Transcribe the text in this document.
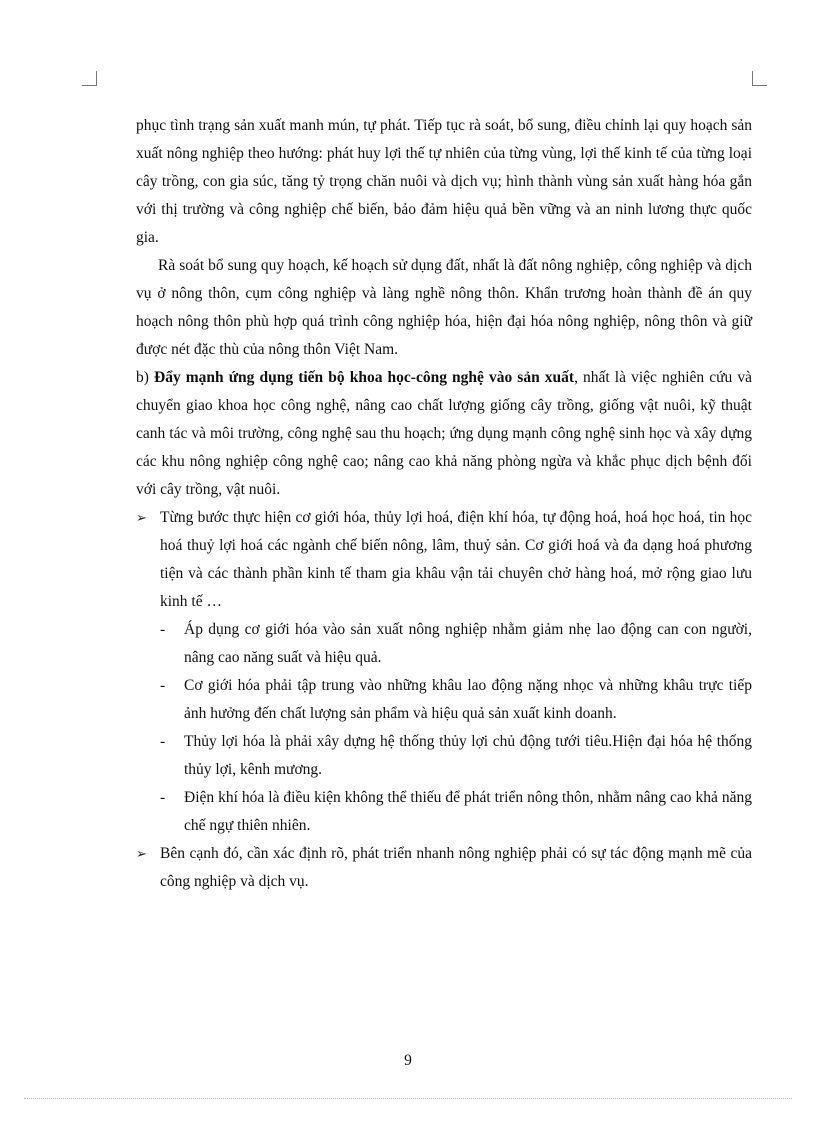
phục tình trạng sản xuất manh mún, tự phát. Tiếp tục rà soát, bổ sung, điều chỉnh lại quy hoạch sản xuất nông nghiệp theo hướng: phát huy lợi thế tự nhiên của từng vùng, lợi thế kinh tế của từng loại cây trồng, con gia súc, tăng tỷ trọng chăn nuôi và dịch vụ; hình thành vùng sản xuất hàng hóa gắn với thị trường và công nghiệp chế biến, bảo đảm hiệu quả bền vững và an ninh lương thực quốc gia.

Rà soát bổ sung quy hoạch, kế hoạch sử dụng đất, nhất là đất nông nghiệp, công nghiệp và dịch vụ ở nông thôn, cụm công nghiệp và làng nghề nông thôn. Khẩn trương hoàn thành đề án quy hoạch nông thôn phù hợp quá trình công nghiệp hóa, hiện đại hóa nông nghiệp, nông thôn và giữ được nét đặc thù của nông thôn Việt Nam.

b) Đẩy mạnh ứng dụng tiến bộ khoa học-công nghệ vào sản xuất, nhất là việc nghiên cứu và chuyển giao khoa học công nghệ, nâng cao chất lượng giống cây trồng, giống vật nuôi, kỹ thuật canh tác và môi trường, công nghệ sau thu hoạch; ứng dụng mạnh công nghệ sinh học và xây dựng các khu nông nghiệp công nghệ cao; nâng cao khả năng phòng ngừa và khắc phục dịch bệnh đối với cây trồng, vật nuôi.

➢ Từng bước thực hiện cơ giới hóa, thủy lợi hoá, điện khí hóa, tự động hoá, hoá học hoá, tin học hoá thuỷ lợi hoá các ngành chế biến nông, lâm, thuỷ sản. Cơ giới hoá và đa dạng hoá phương tiện và các thành phần kinh tế tham gia khâu vận tải chuyên chở hàng hoá, mở rộng giao lưu kinh tế …
-	Áp dụng cơ giới hóa vào sản xuất nông nghiệp nhằm giảm nhẹ lao động can con người, nâng cao năng suất và hiệu quả.
-	Cơ giới hóa phải tập trung vào những khâu lao động nặng nhọc và những khâu trực tiếp ảnh hưởng đến chất lượng sản phẩm và hiệu quả sản xuất kinh doanh.
-	Thủy lợi hóa là phải xây dựng hệ thống thủy lợi chủ động tưới tiêu.Hiện đại hóa hệ thống thủy lợi, kênh mương.
-	Điện khí hóa là điều kiện không thể thiếu để phát triển nông thôn, nhằm nâng cao khả năng chế ngự thiên nhiên.
➢ Bên cạnh đó, cần xác định rõ, phát triển nhanh nông nghiệp phải có sự tác động mạnh mẽ của công nghiệp và dịch vụ.
9
